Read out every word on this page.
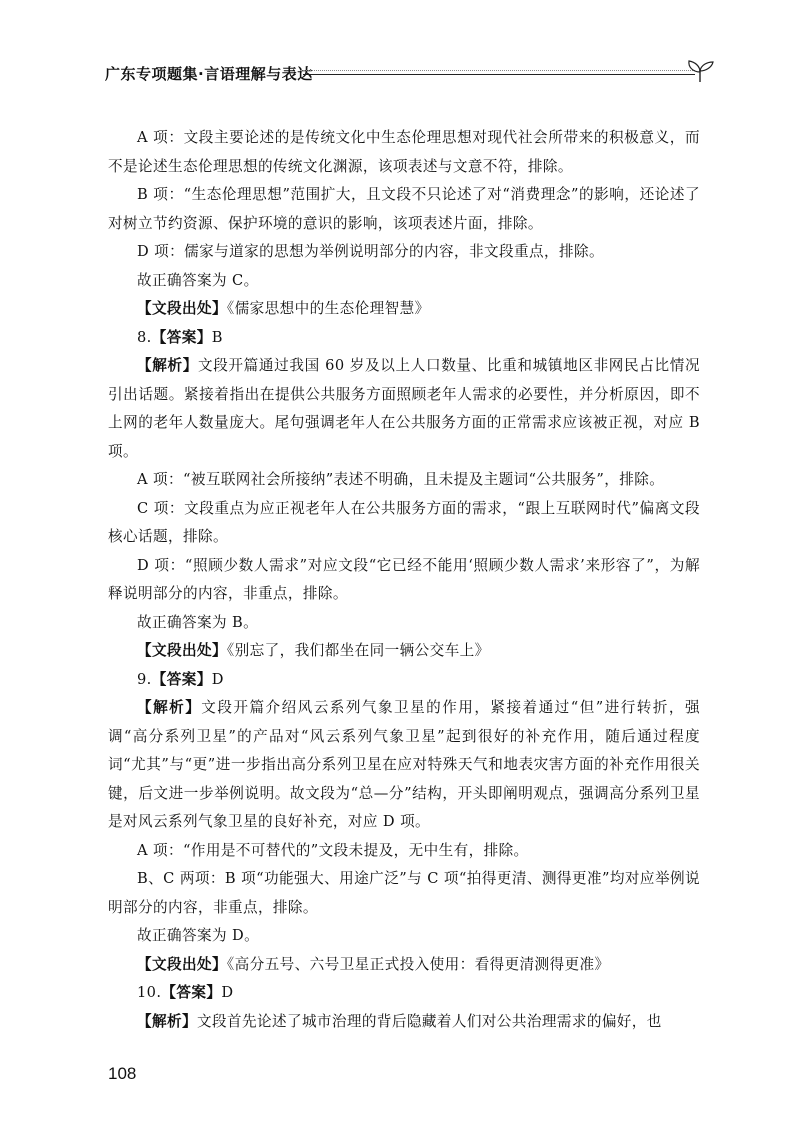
广东专项题集·言语理解与表达

A 项：文段主要论述的是传统文化中生态伦理思想对现代社会所带来的积极意义，而不是论述生态伦理思想的传统文化渊源，该项表述与文意不符，排除。

B 项：“生态伦理思想”范围扩大，且文段不只论述了对“消费理念”的影响，还论述了对树立节约资源、保护环境的意识的影响，该项表述片面，排除。

D 项：儒家与道家的思想为举例说明部分的内容，非文段重点，排除。

故正确答案为 C。

【文段出处】《儒家思想中的生态伦理智慧》

8.【答案】B

【解析】文段开篇通过我国 60 岁及以上人口数量、比重和城镇地区非网民占比情况引出话题。紧接着指出在提供公共服务方面照顾老年人需求的必要性，并分析原因，即不上网的老年人数量庞大。尾句强调老年人在公共服务方面的正常需求应该被正视，对应 B 项。

A 项：“被互联网社会所接纳”表述不明确，且未提及主题词“公共服务”，排除。

C 项：文段重点为应正视老年人在公共服务方面的需求，“跟上互联网时代”偏离文段核心话题，排除。

D 项：“照顾少数人需求”对应文段“它已经不能用‘照顾少数人需求’来形容了”，为解释说明部分的内容，非重点，排除。

故正确答案为 B。

【文段出处】《别忘了，我们都坐在同一辆公交车上》

9.【答案】D

【解析】文段开篇介绍风云系列气象卫星的作用，紧接着通过“但”进行转折，强调“高分系列卫星”的产品对“风云系列气象卫星”起到很好的补充作用，随后通过程度词“尤其”与“更”进一步指出高分系列卫星在应对特殊天气和地表灾害方面的补充作用很关键，后文进一步举例说明。故文段为“总—分”结构，开头即阐明观点，强调高分系列卫星是对风云系列气象卫星的良好补充，对应 D 项。

A 项：“作用是不可替代的”文段未提及，无中生有，排除。

B、C 两项：B 项“功能强大、用途广泛”与 C 项“拍得更清、测得更准”均对应举例说明部分的内容，非重点，排除。

故正确答案为 D。

【文段出处】《高分五号、六号卫星正式投入使用：看得更清测得更准》

10.【答案】D

【解析】文段首先论述了城市治理的背后隐藏着人们对公共治理需求的偏好，也

108
